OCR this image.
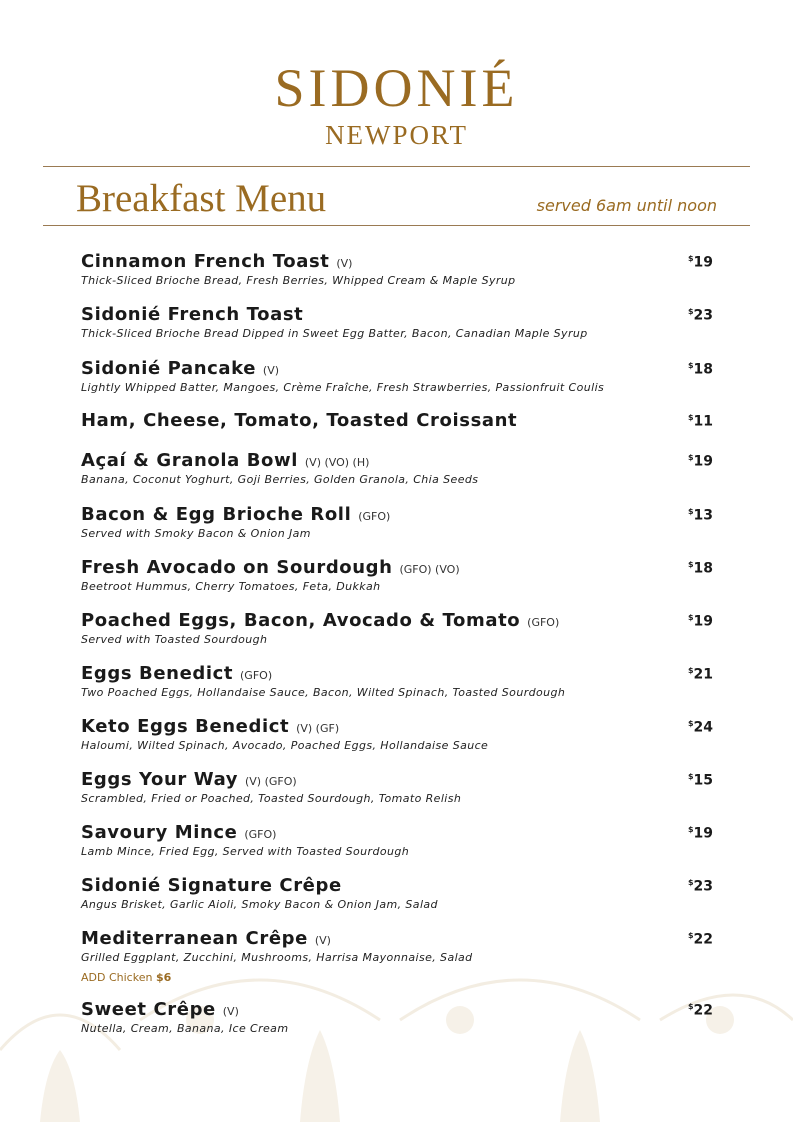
SIDONIÉ
NEWPORT
Breakfast Menu	served 6am until noon
Cinnamon French Toast (V)
Thick-Sliced Brioche Bread, Fresh Berries, Whipped Cream & Maple Syrup
$19
Sidonié French Toast
Thick-Sliced Brioche Bread Dipped in Sweet Egg Batter, Bacon, Canadian Maple Syrup
$23
Sidonié Pancake (V)
Lightly Whipped Batter, Mangoes, Crème Fraîche, Fresh Strawberries, Passionfruit Coulis
$18
Ham, Cheese, Tomato, Toasted Croissant	$11
Açaí & Granola Bowl (V) (VO) (H)
Banana, Coconut Yoghurt, Goji Berries, Golden Granola, Chia Seeds
$19
Bacon & Egg Brioche Roll (GFO)
Served with Smoky Bacon & Onion Jam
$13
Fresh Avocado on Sourdough (GFO) (VO)
Beetroot Hummus, Cherry Tomatoes, Feta, Dukkah
$18
Poached Eggs, Bacon, Avocado & Tomato (GFO)
Served with Toasted Sourdough
$19
Eggs Benedict (GFO)
Two Poached Eggs, Hollandaise Sauce, Bacon, Wilted Spinach, Toasted Sourdough
$21
Keto Eggs Benedict (V) (GF)
Haloumi, Wilted Spinach, Avocado, Poached Eggs, Hollandaise Sauce
$24
Eggs Your Way (V) (GFO)
Scrambled, Fried or Poached, Toasted Sourdough, Tomato Relish
$15
Savoury Mince (GFO)
Lamb Mince, Fried Egg, Served with Toasted Sourdough
$19
Sidonié Signature Crêpe
Angus Brisket, Garlic Aioli, Smoky Bacon & Onion Jam, Salad
$23
Mediterranean Crêpe (V)
Grilled Eggplant, Zucchini, Mushrooms, Harrisa Mayonnaise, Salad
ADD Chicken $6
$22
Sweet Crêpe (V)
Nutella, Cream, Banana, Ice Cream
$22
